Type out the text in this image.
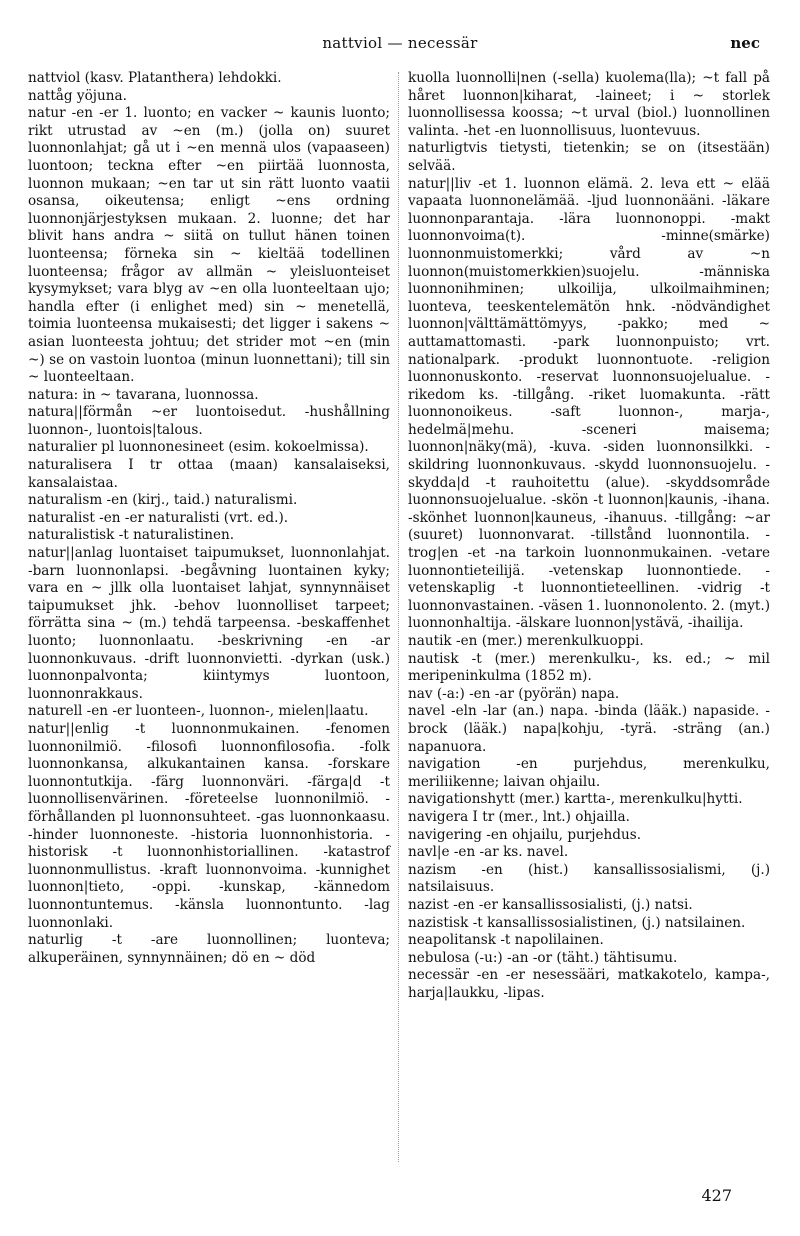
nattviol — necessär	nec

nattviol (kasv. Platanthera) lehdokki.

nattåg yöjuna.

natur -en -er 1. luonto; en vacker ~ kaunis luonto; rikt utrustad av ~en (m.) (jolla on) suuret luonnonlahjat; gå ut i ~en mennä ulos (vapaaseen) luontoon; teckna efter ~en piirtää luonnosta, luonnon mukaan; ~en tar ut sin rätt luonto vaatii osansa, oikeutensa; enligt ~ens ordning luonnonjärjestyksen mukaan. 2. luonne; det har blivit hans andra ~ siitä on tullut hänen toinen luonteensa; förneka sin ~ kieltää todellinen luonteensa; frågor av allmän ~ yleisluonteiset kysymykset; vara blyg av ~en olla luonteeltaan ujo; handla efter (i enlighet med) sin ~ menetellä, toimia luonteensa mukaisesti; det ligger i sakens ~ asian luonteesta johtuu; det strider mot ~en (min ~) se on vastoin luontoa (minun luonnettani); till sin ~ luonteeltaan.

natura: in ~ tavarana, luonnossa.

natura||förmån ~er luontoisedut. -hushållning luonnon-, luontois|talous.

naturalier pl luonnonesineet (esim. kokoelmissa).

naturalisera I tr ottaa (maan) kansalaiseksi, kansalaistaa.

naturalism -en (kirj., taid.) naturalismi.

naturalist -en -er naturalisti (vrt. ed.).

naturalistisk -t naturalistinen.

natur||anlag luontaiset taipumukset, luonnonlahjat. -barn luonnonlapsi. -begåvning luontainen kyky; vara en ~ jllk olla luontaiset lahjat, synnynnäiset taipumukset jhk. -behov luonnolliset tarpeet; förrätta sina ~ (m.) tehdä tarpeensa. -beskaffenhet luonto; luonnonlaatu. -beskrivning -en -ar luonnonkuvaus. -drift luonnonvietti. -dyrkan (usk.) luonnonpalvonta; kiintymys luontoon, luonnonrakkaus.

naturell -en -er luonteen-, luonnon-, mielen|laatu.

natur||enlig -t luonnonmukainen. -fenomen luonnonilmiö. -filosofi luonnonfilosofia. -folk luonnonkansa, alkukantainen kansa. -forskare luonnontutkija. -färg luonnonväri. -färga|d -t luonnollisenvärinen. -företeelse luonnonilmiö. -förhållanden pl luonnonsuhteet. -gas luonnonkaasu. -hinder luonnoneste. -historia luonnonhistoria. -historisk -t luonnonhistoriallinen. -katastrof luonnonmullistus. -kraft luonnonvoima. -kunnighet luonnon|tieto, -oppi. -kunskap, -kännedom luonnontuntemus. -känsla luonnontunto. -lag luonnonlaki.

naturlig -t -are luonnollinen; luonteva; alkuperäinen, synnynnäinen; dö en ~ död

kuolla luonnolli|nen (-sella) kuolema(lla); ~t fall på håret luonnon|kiharat, -laineet; i ~ storlek luonnollisessa koossa; ~t urval (biol.) luonnollinen valinta. -het -en luonnollisuus, luontevuus.

naturligtvis tietysti, tietenkin; se on (itsestään) selvää.

natur||liv -et 1. luonnon elämä. 2. leva ett ~ elää vapaata luonnonelämää. -ljud luonnonääni. -läkare luonnonparantaja. -lära luonnonoppi. -makt luonnonvoima(t). -minne(smärke) luonnonmuistomerkki; vård av ~n luonnon(muistomerkkien)suojelu. -människa luonnonihminen; ulkoilija, ulkoilmaihminen; luonteva, teeskentelemätön hnk. -nödvändighet luonnon|välttämättömyys, -pakko; med ~ auttamattomasti. -park luonnonpuisto; vrt. nationalpark. -produkt luonnontuote. -religion luonnonuskonto. -reservat luonnonsuojelualue. -rikedom ks. -tillgång. -riket luomakunta. -rätt luonnonoikeus. -saft luonnon-, marja-, hedelmä|mehu. -sceneri maisema; luonnon|näky(mä), -kuva. -siden luonnonsilkki. -skildring luonnonkuvaus. -skydd luonnonsuojelu. -skydda|d -t rauhoitettu (alue). -skyddsområde luonnonsuojelualue. -skön -t luonnon|kaunis, -ihana. -skönhet luonnon|kauneus, -ihanuus. -tillgång: ~ar (suuret) luonnonvarat. -tillstånd luonnontila. -trog|en -et -na tarkoin luonnonmukainen. -vetare luonnontieteilijä. -vetenskap luonnontiede. -vetenskaplig -t luonnontieteellinen. -vidrig -t luonnonvastainen. -väsen 1. luonnonolento. 2. (myt.) luonnonhaltija. -älskare luonnon|ystävä, -ihailija.

nautik -en (mer.) merenkulkuoppi.

nautisk -t (mer.) merenkulku-, ks. ed.; ~ mil meripeninkulma (1852 m).

nav (-a:) -en -ar (pyörän) napa.

navel -eln -lar (an.) napa. -binda (lääk.) napaside. -brock (lääk.) napa|kohju, -tyrä. -sträng (an.) napanuora.

navigation -en purjehdus, merenkulku, meriliikenne; laivan ohjailu.

navigationshytt (mer.) kartta-, merenkulku|hytti.

navigera I tr (mer., lnt.) ohjailla.

navigering -en ohjailu, purjehdus.

navl|e -en -ar ks. navel.

nazism -en (hist.) kansallissosialismi, (j.) natsilaisuus.

nazist -en -er kansallissosialisti, (j.) natsi.

nazistisk -t kansallissosialistinen, (j.) natsilainen.

neapolitansk -t napolilainen.

nebulosa (-u:) -an -or (täht.) tähtisumu.

necessär -en -er nesessääri, matkakotelo, kampa-, harja|laukku, -lipas.

427
